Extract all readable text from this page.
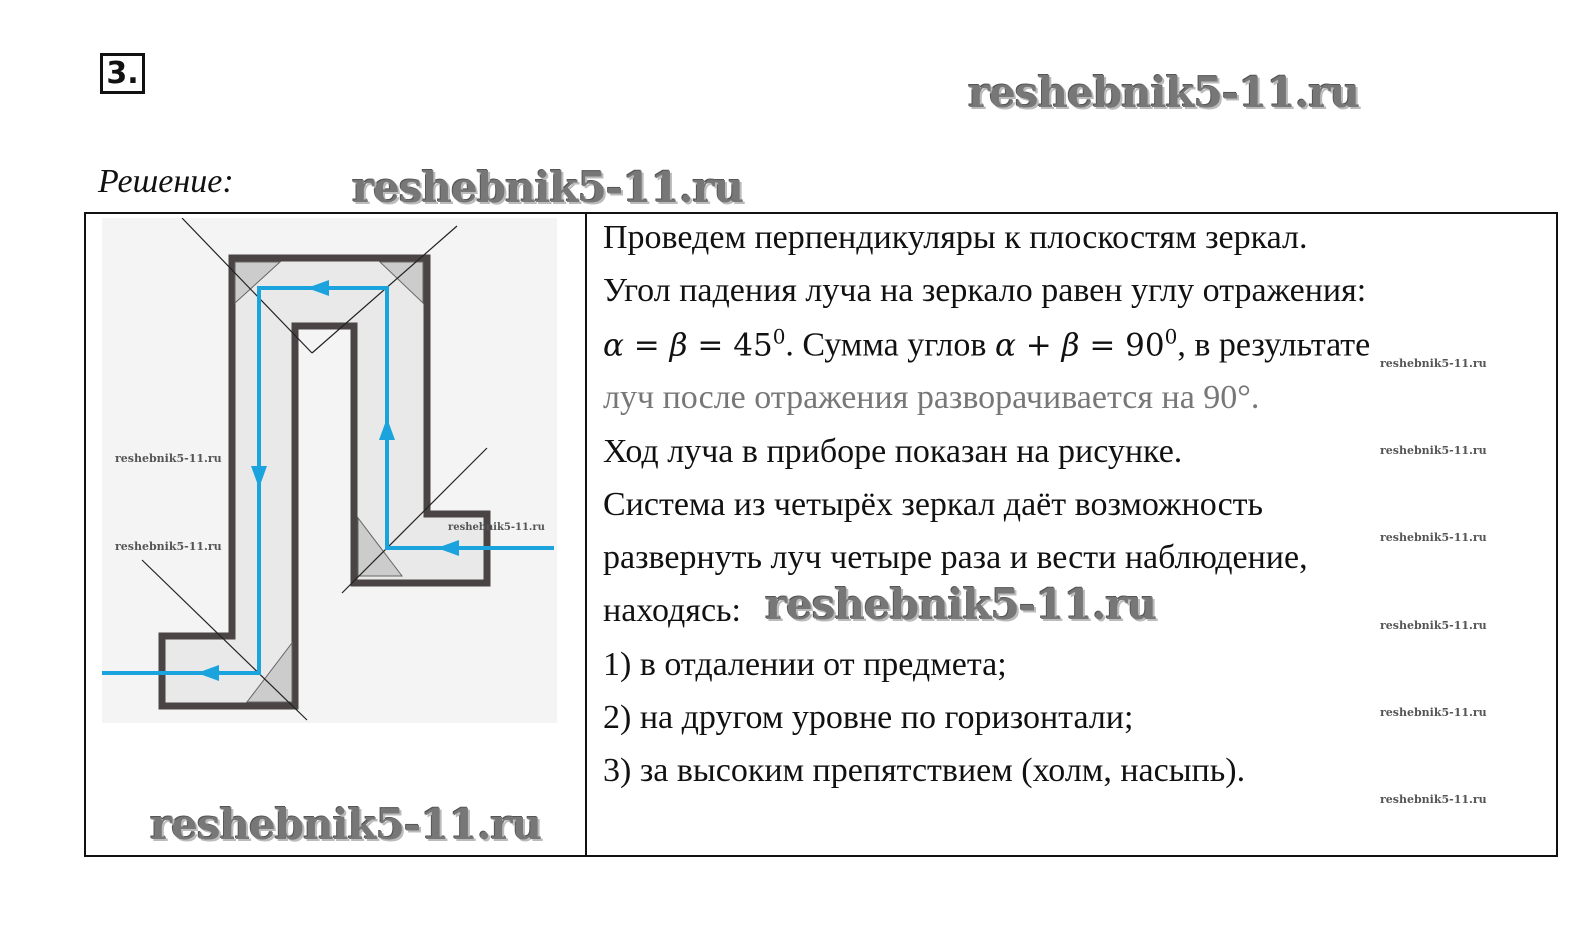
3.	reshebnik5-11.ru
Решение:	reshebnik5-11.ru
reshebnik5-11.ru
reshebnik5-11.ru
reshebnik5-11.ru
reshebnik5-11.ru
Проведем перпендикуляры к плоскостям зеркал.
Угол падения луча на зеркало равен углу отражения:
$\alpha = \beta = 45^0$. Сумма углов $\alpha + \beta = 90^0$, в результате
луч после отражения разворачивается на 90°.
Ход луча в приборе показан на рисунке.
Система из четырёх зеркал даёт возможность
развернуть луч четыре раза и вести наблюдение,
находясь:
1) в отдалении от предмета;
2) на другом уровне по горизонтали;
3) за высоким препятствием (холм, насыпь).
reshebnik5-11.ru
reshebnik5-11.ru
reshebnik5-11.ru
reshebnik5-11.ru
reshebnik5-11.ru
reshebnik5-11.ru
reshebnik5-11.ru
